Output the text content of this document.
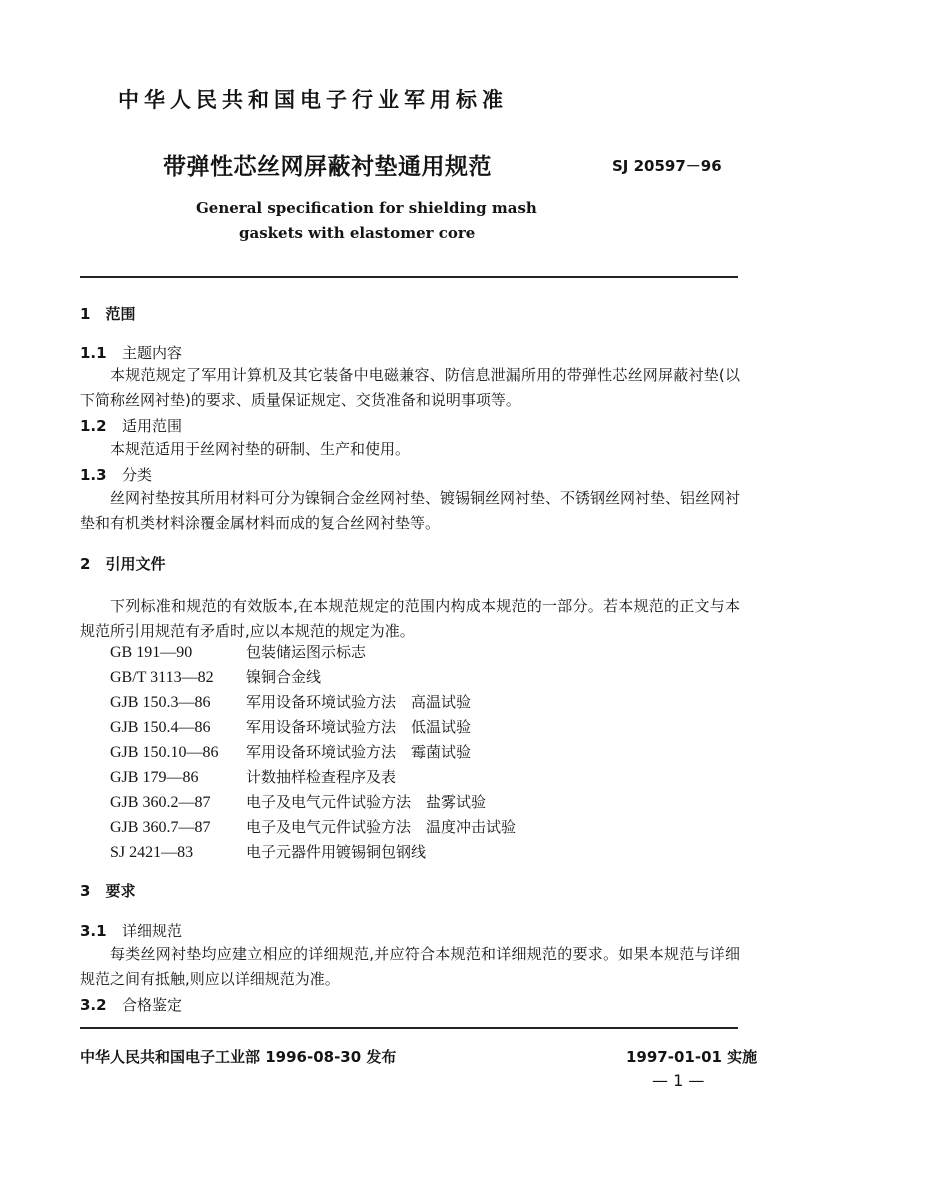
中华人民共和国电子行业军用标准
带弹性芯丝网屏蔽衬垫通用规范	SJ 20597－96
General specification for shielding mash
gaskets with elastomer core
1　 范围
1.1 主题内容
本规范规定了军用计算机及其它装备中电磁兼容、防信息泄漏所用的带弹性芯丝网屏蔽衬垫(以下简称丝网衬垫)的要求、质量保证规定、交货准备和说明事项等。
1.2 适用范围
本规范适用于丝网衬垫的研制、生产和使用。
1.3 分类
丝网衬垫按其所用材料可分为镍铜合金丝网衬垫、镀锡铜丝网衬垫、不锈钢丝网衬垫、铝丝网衬垫和有机类材料涂覆金属材料而成的复合丝网衬垫等。
2　 引用文件
下列标准和规范的有效版本,在本规范规定的范围内构成本规范的一部分。若本规范的正文与本规范所引用规范有矛盾时,应以本规范的规定为准。
GB 191—90	包装储运图示标志
GB/T 3113—82 镍铜合金线
GJB 150.3—86 军用设备环境试验方法　高温试验
GJB 150.4—86 军用设备环境试验方法　低温试验
GJB 150.10—86 军用设备环境试验方法　霉菌试验
GJB 179—86	计数抽样检查程序及表
GJB 360.2—87 电子及电气元件试验方法　盐雾试验
GJB 360.7—87 电子及电气元件试验方法　温度冲击试验
SJ 2421—83	电子元器件用镀锡铜包钢线
3　 要求
3.1 详细规范
每类丝网衬垫均应建立相应的详细规范,并应符合本规范和详细规范的要求。如果本规范与详细规范之间有抵触,则应以详细规范为准。
3.2 合格鉴定
中华人民共和国电子工业部 1996-08-30 发布	1997-01-01 实施
— 1 —
